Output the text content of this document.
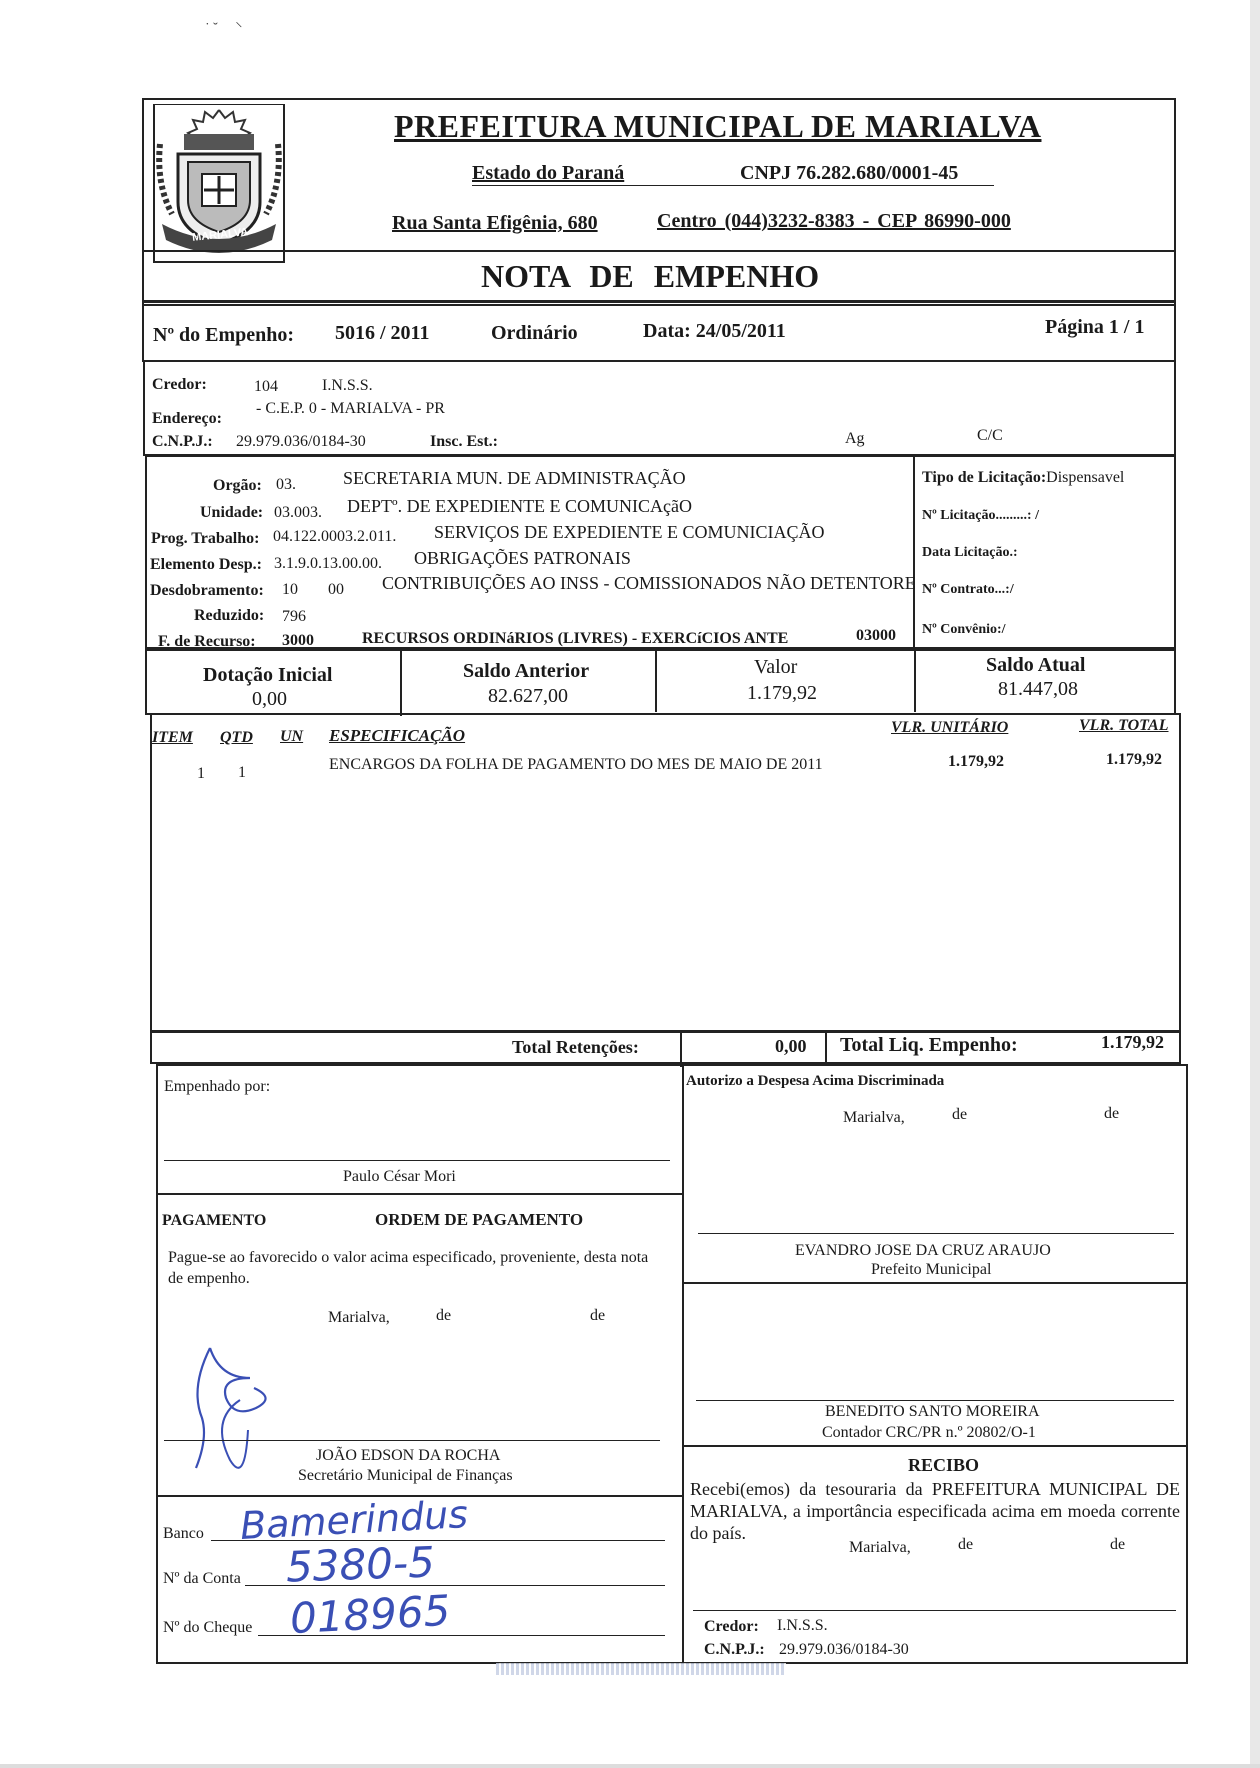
˙ ˘     ⸌
MARIALVA
PREFEITURA MUNICIPAL DE MARIALVA
Estado do Paraná	CNPJ 76.282.680/0001-45
Rua Santa Efigênia, 680	Centro (044)3232-8383 - CEP 86990-000
NOTA DE EMPENHO
Nº do Empenho: 5016 / 2011	Ordinário	Data: 24/05/2011	Página 1 / 1
Credor:	104	I.N.S.S.
Endereço:
- C.E.P. 0 - MARIALVA - PR
C.N.P.J.: 29.979.036/0184-30	Insc. Est.:	Ag	C/C
Orgão: 03.	SECRETARIA MUN. DE ADMINISTRAÇÃO
Unidade: 03.003. DEPTº. DE EXPEDIENTE E COMUNICAçãO
Prog. Trabalho: 04.122.0003.2.011. SERVIÇOS DE EXPEDIENTE E COMUNICIAÇÃO
Elemento Desp.: 3.1.9.0.13.00.00. OBRIGAÇÕES PATRONAIS
Desdobramento: 10 00 CONTRIBUIÇÕES AO INSS - COMISSIONADOS NÃO DETENTORE
Reduzido: 796
F. de Recurso: 3000	RECURSOS ORDINáRIOS (LIVRES) - EXERCíCIOS ANTE	03000
Tipo de Licitação:Dispensavel
Nº Licitação.........: /
Data Licitação.:
Nº Contrato...:/
Nº Convênio:/
Dotação Inicial
0,00
Saldo Anterior
82.627,00
Valor
1.179,92
Saldo Atual
81.447,08
ITEM QTD UN ESPECIFICAÇÃO	VLR. UNITÁRIO	VLR. TOTAL
1 1	ENCARGOS DA FOLHA DE PAGAMENTO DO MES DE MAIO DE 2011	1.179,92	1.179,92
Total Retenções:	0,00 Total Liq. Empenho:	1.179,92
Empenhado por:
Paulo César Mori
Autorizo a Despesa Acima Discriminada
Marialva,	de	de
EVANDRO JOSE DA CRUZ ARAUJO
Prefeito Municipal
PAGAMENTO	ORDEM DE PAGAMENTO
Pague-se ao favorecido o valor acima especificado, proveniente, desta nota de empenho.
Marialva,	de	de
JOÃO EDSON DA ROCHA
Secretário Municipal de Finanças
BENEDITO SANTO MOREIRA
Contador CRC/PR n.º 20802/O-1
RECIBO
Recebi(emos) da tesouraria da PREFEITURA MUNICIPAL DE MARIALVA, a importância especificada acima em moeda corrente do país.
Marialva,	de	de
Credor: I.N.S.S.
C.N.P.J.: 29.979.036/0184-30
Banco Bamerindus
Nº da Conta 5380-5
Nº do Cheque 018965
